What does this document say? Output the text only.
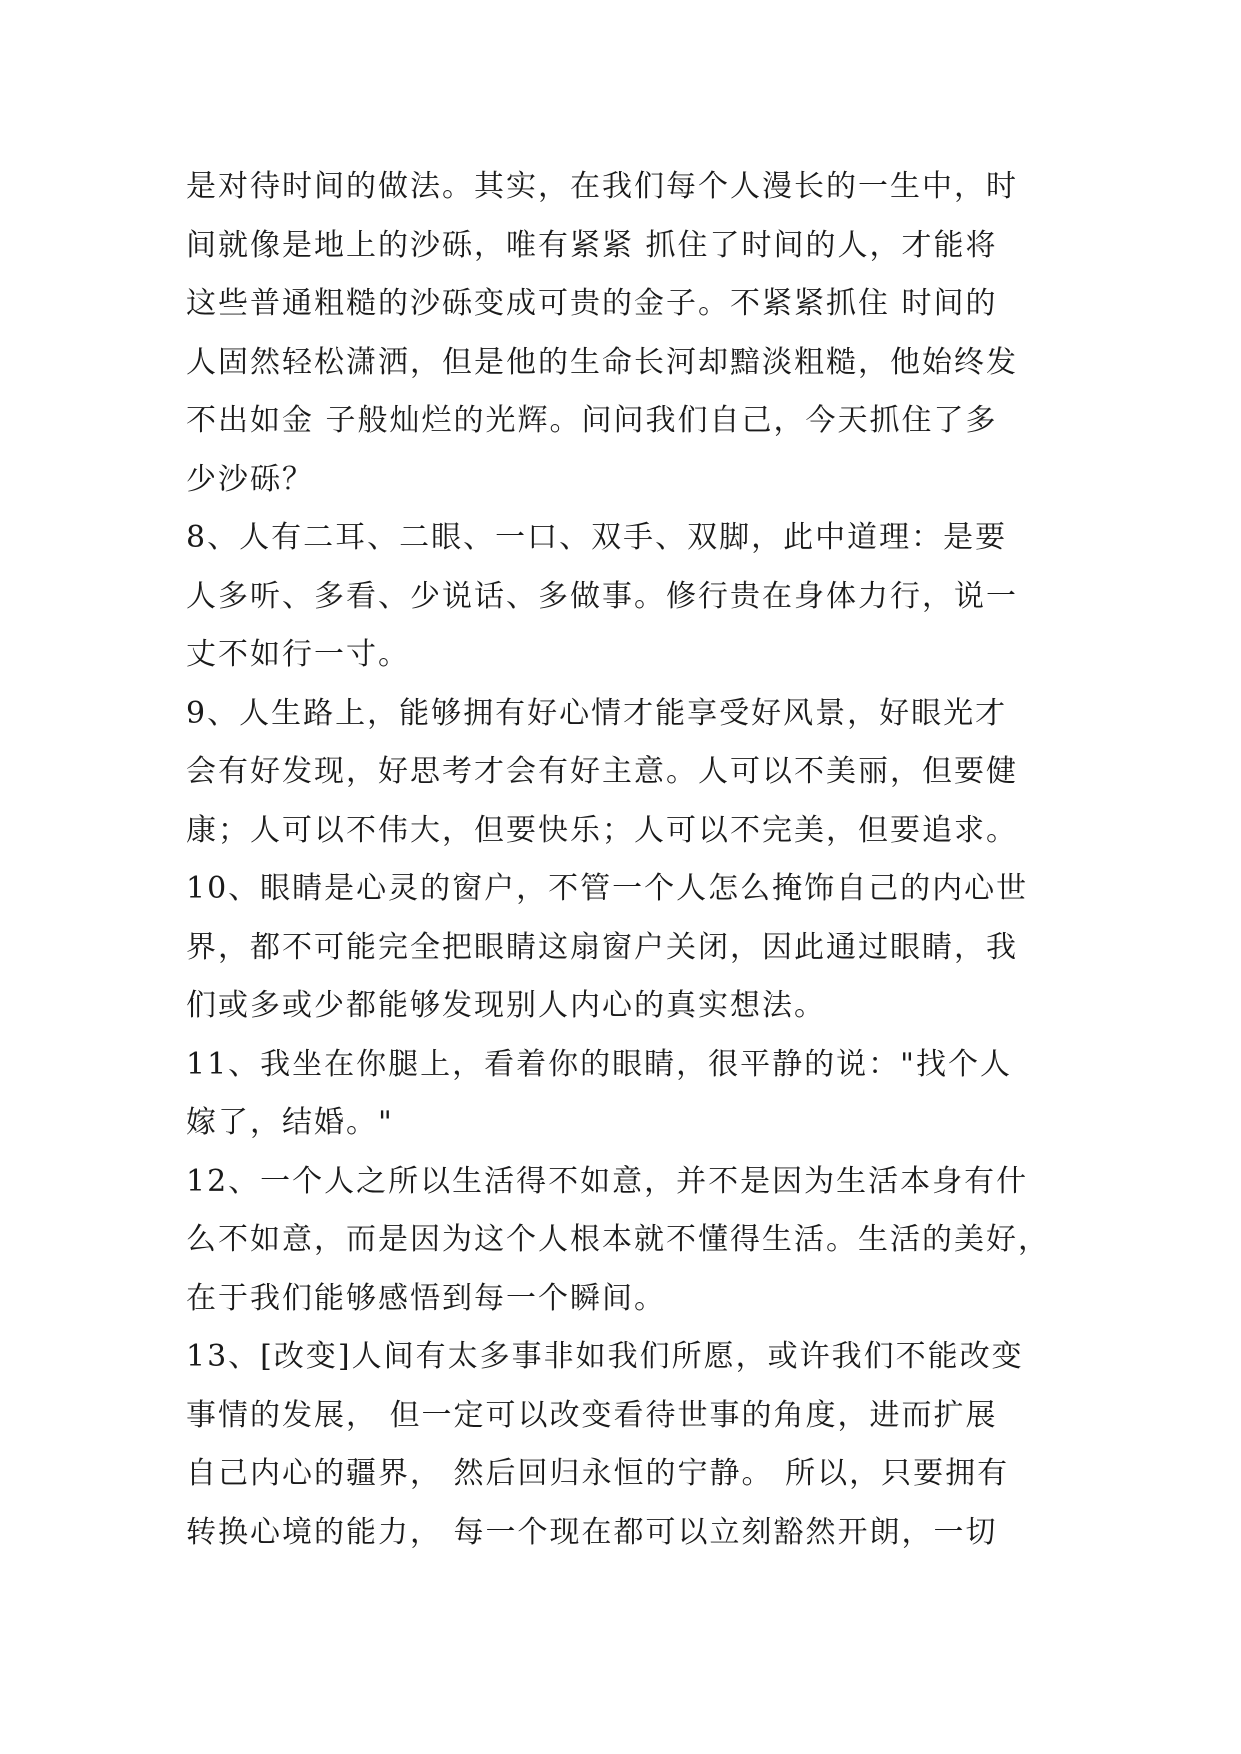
是对待时间的做法。其实，在我们每个人漫长的一生中，时
间就像是地上的沙砾，唯有紧紧 抓住了时间的人，才能将
这些普通粗糙的沙砾变成可贵的金子。不紧紧抓住 时间的
人固然轻松潇洒，但是他的生命长河却黯淡粗糙，他始终发
不出如金 子般灿烂的光辉。问问我们自己，今天抓住了多
少沙砾？
8、人有二耳、二眼、一口、双手、双脚，此中道理：是要
人多听、多看、少说话、多做事。修行贵在身体力行，说一
丈不如行一寸。
9、人生路上，能够拥有好心情才能享受好风景，好眼光才
会有好发现，好思考才会有好主意。人可以不美丽，但要健
康；人可以不伟大，但要快乐；人可以不完美，但要追求。
10、眼睛是心灵的窗户，不管一个人怎么掩饰自己的内心世
界，都不可能完全把眼睛这扇窗户关闭，因此通过眼睛，我
们或多或少都能够发现别人内心的真实想法。
11、我坐在你腿上，看着你的眼睛，很平静的说："找个人
嫁了，结婚。"
12、一个人之所以生活得不如意，并不是因为生活本身有什
么不如意，而是因为这个人根本就不懂得生活。生活的美好，
在于我们能够感悟到每一个瞬间。
13、[改变]人间有太多事非如我们所愿，或许我们不能改变
事情的发展， 但一定可以改变看待世事的角度，进而扩展
自己内心的疆界， 然后回归永恒的宁静。 所以，只要拥有
转换心境的能力， 每一个现在都可以立刻豁然开朗，一切
